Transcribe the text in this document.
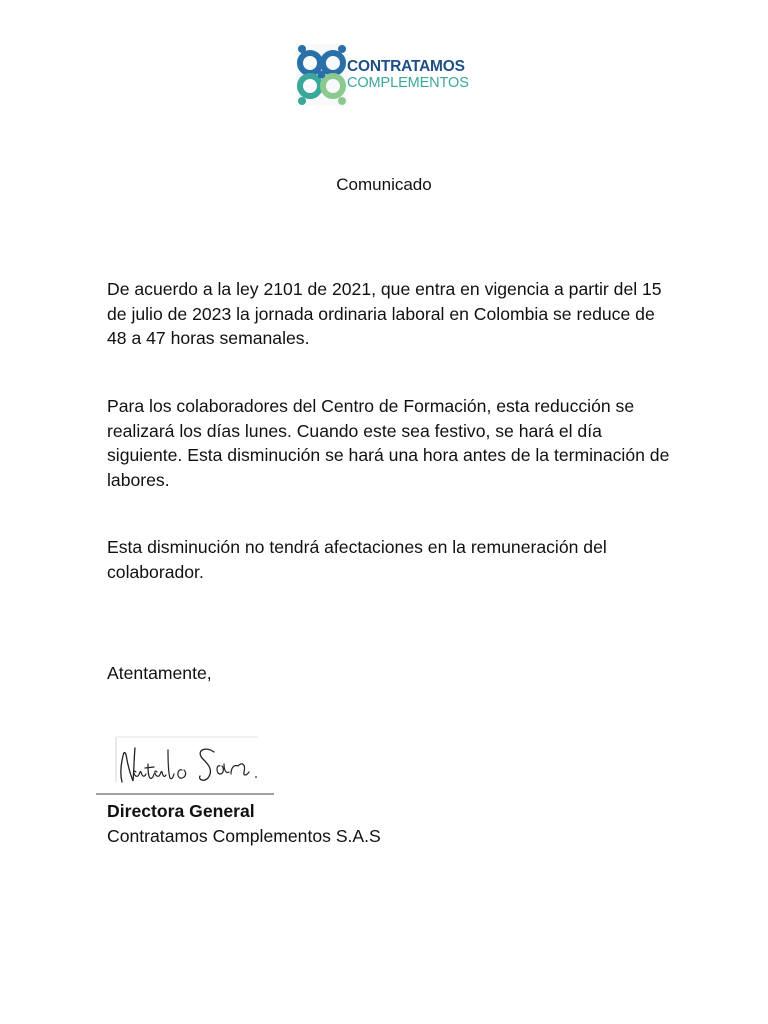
CONTRATAMOS
COMPLEMENTOS
Comunicado

De acuerdo a la ley 2101 de 2021, que entra en vigencia a partir del 15 de julio de 2023 la jornada ordinaria laboral en Colombia se reduce de 48 a 47 horas semanales.

Para los colaboradores del Centro de Formación, esta reducción se realizará los días lunes. Cuando este sea festivo, se hará el día siguiente. Esta disminución se hará una hora antes de la terminación de labores.

Esta disminución no tendrá afectaciones en la remuneración del colaborador.

Atentamente,
Directora General
Contratamos Complementos S.A.S
